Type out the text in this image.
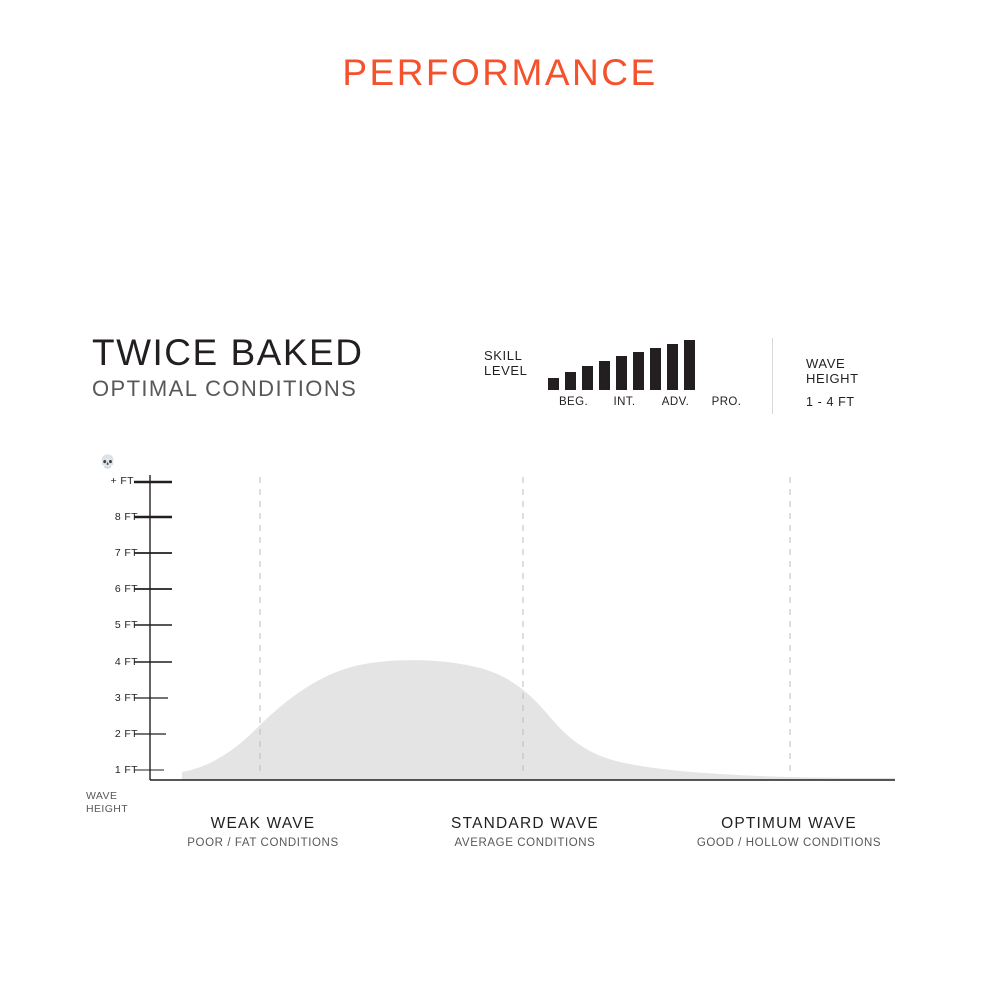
PERFORMANCE
TWICE BAKED
OPTIMAL CONDITIONS
SKILL
LEVEL
BEG.	INT.	ADV.	PRO.
WAVE
HEIGHT
1 - 4 FT
💀
+ FT
8 FT
7 FT
6 FT
5 FT
4 FT
3 FT
2 FT
1 FT
WAVE
HEIGHT
WEAK WAVE
POOR / FAT CONDITIONS
STANDARD WAVE
AVERAGE CONDITIONS
OPTIMUM WAVE
GOOD / HOLLOW CONDITIONS
